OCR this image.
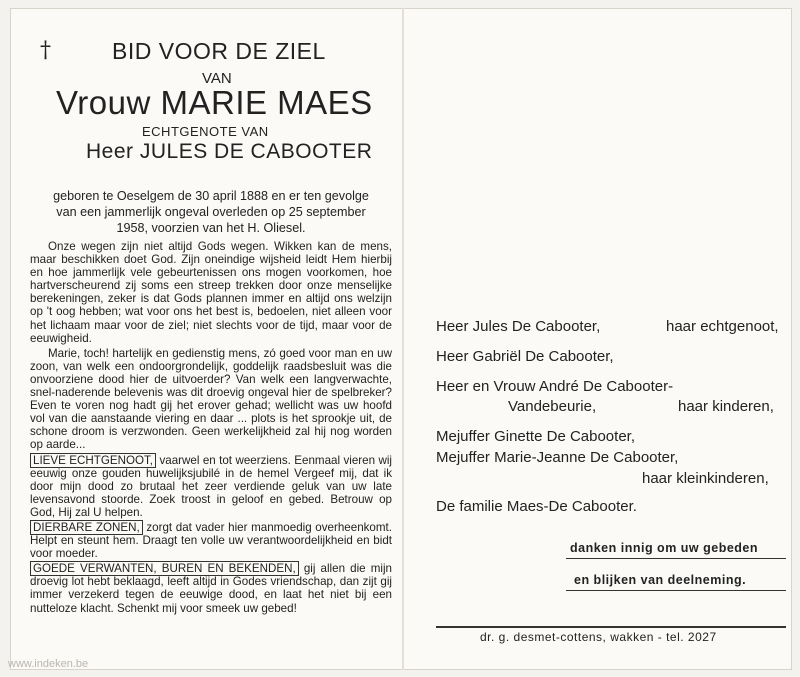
†	BID VOOR DE ZIEL
VAN
Vrouw MARIE MAES
ECHTGENOTE VAN
Heer JULES DE CABOOTER
geboren te Oeselgem de 30 april 1888 en er ten gevolge
van een jammerlijk ongeval overleden op 25 september
1958, voorzien van het H. Oliesel.

Onze wegen zijn niet altijd Gods wegen. Wikken kan de mens, maar beschikken doet God. Zijn oneindige wijsheid leidt Hem hierbij en hoe jammerlijk vele gebeurtenissen ons mogen voorkomen, hoe hartverscheurend zij soms een streep trekken door onze menselijke berekeningen, zeker is dat Gods plannen immer en altijd ons welzijn op 't oog hebben; wat voor ons het best is, bedoelen, niet alleen voor het lichaam maar voor de ziel; niet slechts voor de tijd, maar voor de eeuwigheid.

Marie, toch! hartelijk en gedienstig mens, zó goed voor man en uw zoon, van welk een ondoorgrondelijk, goddelijk raadsbesluit was die onvoorziene dood hier de uitvoerder? Van welk een langverwachte, snel-naderende belevenis was dit droevig ongeval hier de spelbreker? Even te voren nog hadt gij het erover gehad; wellicht was uw hoofd vol van die aanstaande viering en daar ... plots is het sprookje uit, de schone droom is verzwonden. Geen werkelijkheid zal hij nog worden op aarde...

LIEVE ECHTGENOOT, vaarwel en tot weerziens. Eenmaal vieren wij eeuwig onze gouden huwelijksjubilé in de hemel Vergeef mij, dat ik door mijn dood zo brutaal het zeer verdiende geluk van uw late levensavond stoorde. Zoek troost in geloof en gebed. Betrouw op God, Hij zal U helpen.

DIERBARE ZONEN, zorgt dat vader hier manmoedig overheenkomt. Helpt en steunt hem. Draagt ten volle uw verantwoordelijkheid en bidt voor moeder.

GOEDE VERWANTEN, BUREN EN BEKENDEN, gij allen die mijn droevig lot hebt beklaagd, leeft altijd in Godes vriendschap, dan zijt gij immer verzekerd tegen de eeuwige dood, en laat het niet bij een nutteloze klacht. Schenkt mij voor smeek uw gebed!

Heer Jules De Cabooter,	haar echtgenoot,
Heer Gabriël De Cabooter,
Heer en Vrouw André De Cabooter-
Vandebeurie,	haar kinderen,
Mejuffer Ginette De Cabooter,
Mejuffer Marie-Jeanne De Cabooter,
haar kleinkinderen,
De familie Maes-De Cabooter.
danken innig om uw gebeden
en blijken van deelneming.
dr. g. desmet-cottens, wakken - tel. 2027
www.indeken.be
